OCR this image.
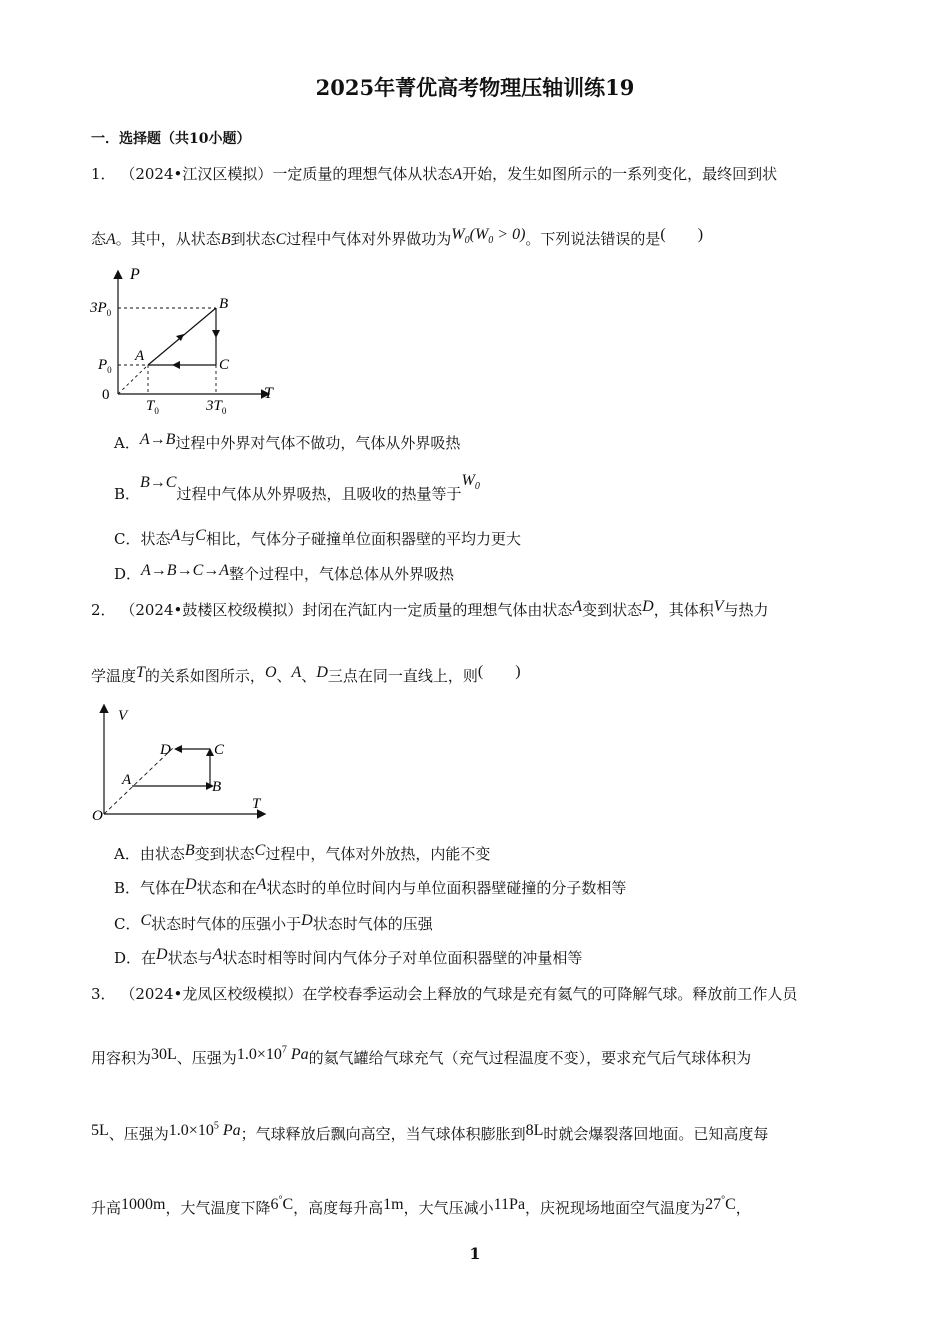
2025年菁优高考物理压轴训练19
一．选择题（共10小题）
1． （2024•江汉区模拟）一定质量的理想气体从状态A开始，发生如图所示的一系列变化，最终回到状
态A。其中，从状态B到状态C过程中气体对外界做功为$W_0(W_0 > 0)$。下列说法错误的是(　　)
P
T
0
$3P_0$
$P_0$
$T_0$	$3T_0$
A
B
C
A．A→B过程中外界对气体不做功，气体从外界吸热
B．B→C过程中气体从外界吸热，且吸收的热量等于$W_0$
C．状态A与C相比，气体分子碰撞单位面积器壁的平均力更大
D．A→B→C→A整个过程中，气体总体从外界吸热
2． （2024•鼓楼区校级模拟）封闭在汽缸内一定质量的理想气体由状态A变到状态D，其体积V与热力
学温度T的关系如图所示，O、A、D三点在同一直线上，则(　　)
V
T
O
A	B
C
D
A．由状态B变到状态C过程中，气体对外放热，内能不变
B．气体在D状态和在A状态时的单位时间内与单位面积器壁碰撞的分子数相等
C．C状态时气体的压强小于D状态时气体的压强
D．在D状态与A状态时相等时间内气体分子对单位面积器壁的冲量相等
3． （2024•龙凤区校级模拟）在学校春季运动会上释放的气球是充有氦气的可降解气球。释放前工作人员
用容积为30L、压强为$1.0\times 10^7$ Pa的氦气罐给气球充气（充气过程温度不变），要求充气后气球体积为
5L、压强为$1.0\times 10^5$ Pa；气球释放后飘向高空，当气球体积膨胀到8L时就会爆裂落回地面。已知高度每
升高1000m，大气温度下降6°C，高度每升高1m，大气压减小11Pa，庆祝现场地面空气温度为27°C，
1
